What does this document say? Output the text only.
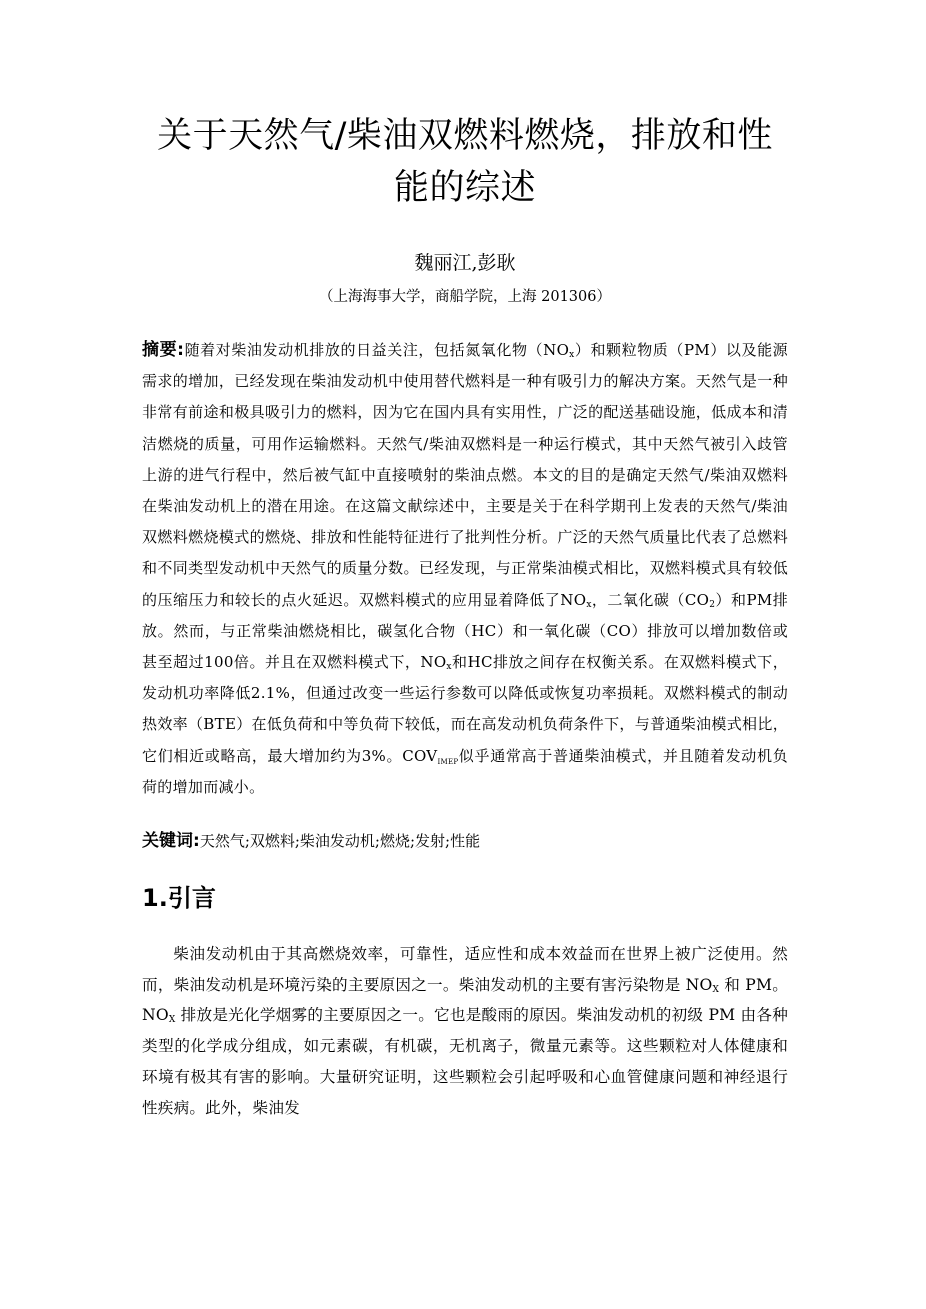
关于天然气/柴油双燃料燃烧，排放和性
能的综述
魏丽江,彭耿
（上海海事大学，商船学院，上海 201306）
摘要:随着对柴油发动机排放的日益关注，包括氮氧化物$(NO_x)$和颗粒物质（PM）以及能源需求的增加，已经发现在柴油发动机中使用替代燃料是一种有吸引力的解决方案。天然气是一种非常有前途和极具吸引力的燃料，因为它在国内具有实用性，广泛的配送基础设施，低成本和清洁燃烧的质量，可用作运输燃料。天然气/柴油双燃料是一种运行模式，其中天然气被引入歧管上游的进气行程中，然后被气缸中直接喷射的柴油点燃。本文的目的是确定天然气/柴油双燃料在柴油发动机上的潜在用途。在这篇文献综述中，主要是关于在科学期刊上发表的天然气/柴油双燃料燃烧模式的燃烧、排放和性能特征进行了批判性分析。广泛的天然气质量比代表了总燃料和不同类型发动机中天然气的质量分数。已经发现，与正常柴油模式相比，双燃料模式具有较低的压缩压力和较长的点火延迟。双燃料模式的应用显着降低了$NO_x$，二氧化碳$(CO_2)$和PM排放。然而，与正常柴油燃烧相比，碳氢化合物（HC）和一氧化碳（CO）排放可以增加数倍或甚至超过100倍。并且在双燃料模式下，$NO_x$和HC排放之间存在权衡关系。在双燃料模式下，发动机功率降低2.1%，但通过改变一些运行参数可以降低或恢复功率损耗。双燃料模式的制动热效率（BTE）在低负荷和中等负荷下较低，而在高发动机负荷条件下，与普通柴油模式相比，它们相近或略高，最大增加约为3%。$COV_{IMEP}$似乎通常高于普通柴油模式，并且随着发动机负荷的增加而减小。
关键词:天然气;双燃料;柴油发动机;燃烧;发射;性能
1.引言
柴油发动机由于其高燃烧效率，可靠性，适应性和成本效益而在世界上被广泛使用。然而，柴油发动机是环境污染的主要原因之一。柴油发动机的主要有害污染物是 $NO_X$ 和 PM。$NO_X$ 排放是光化学烟雾的主要原因之一。它也是酸雨的原因。柴油发动机的初级 PM 由各种类型的化学成分组成，如元素碳，有机碳，无机离子，微量元素等。这些颗粒对人体健康和环境有极其有害的影响。大量研究证明，这些颗粒会引起呼吸和心血管健康问题和神经退行性疾病。此外，柴油发
